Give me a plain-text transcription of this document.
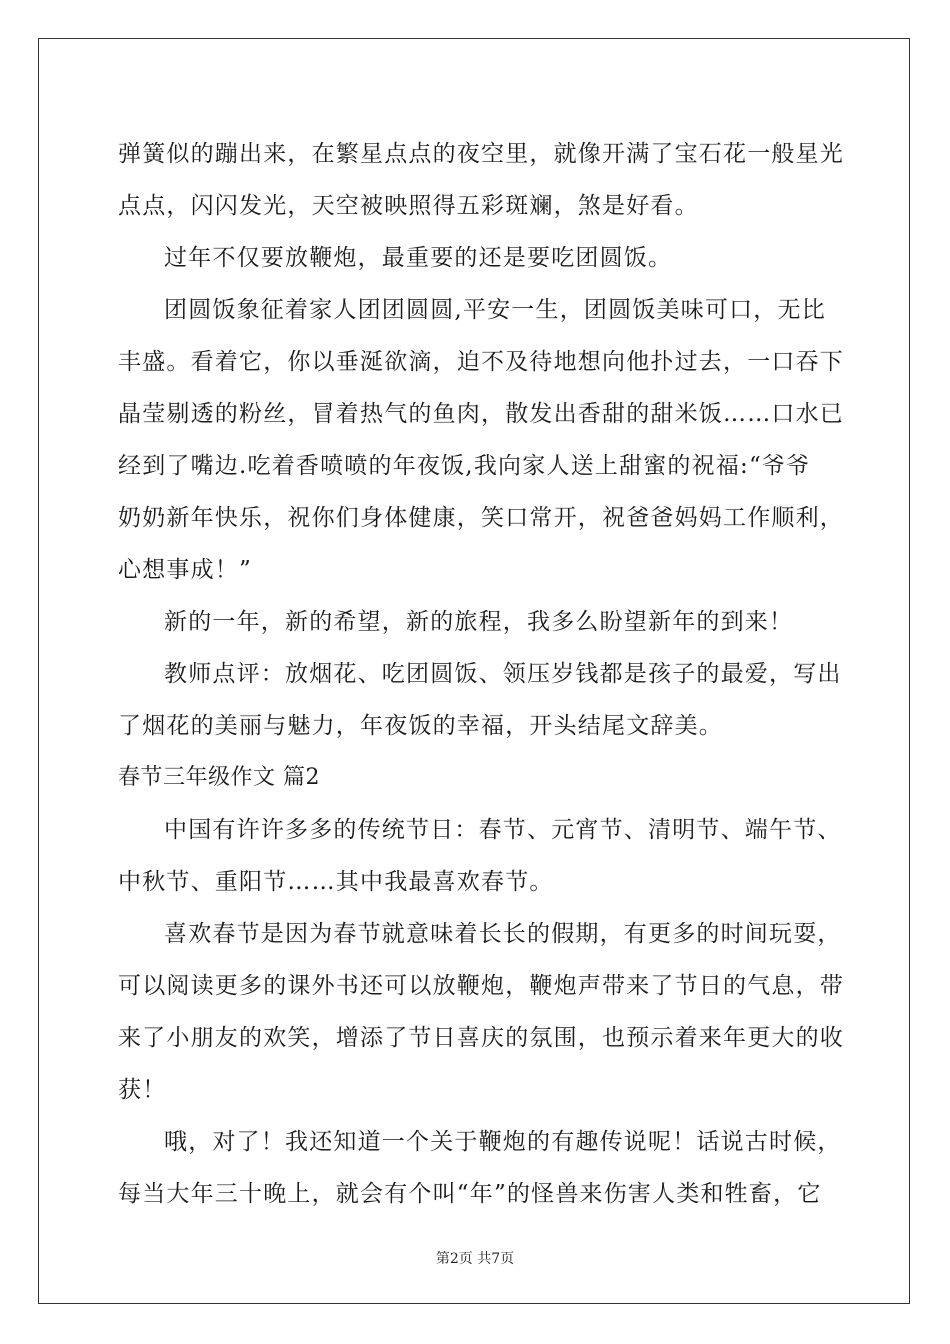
弹簧似的蹦出来，在繁星点点的夜空里，就像开满了宝石花一般星光
点点，闪闪发光，天空被映照得五彩斑斓，煞是好看。
过年不仅要放鞭炮，最重要的还是要吃团圆饭。
团圆饭象征着家人团团圆圆,平安一生，团圆饭美味可口，无比
丰盛。看着它，你以垂涎欲滴，迫不及待地想向他扑过去，一口吞下
晶莹剔透的粉丝，冒着热气的鱼肉，散发出香甜的甜米饭……口水已
经到了嘴边.吃着香喷喷的年夜饭,我向家人送上甜蜜的祝福:“爷爷
奶奶新年快乐，祝你们身体健康，笑口常开，祝爸爸妈妈工作顺利，
心想事成！”
新的一年，新的希望，新的旅程，我多么盼望新年的到来！
教师点评：放烟花、吃团圆饭、领压岁钱都是孩子的最爱，写出
了烟花的美丽与魅力，年夜饭的幸福，开头结尾文辞美。
春节三年级作文 篇2
中国有许许多多的传统节日：春节、元宵节、清明节、端午节、
中秋节、重阳节……其中我最喜欢春节。
喜欢春节是因为春节就意味着长长的假期，有更多的时间玩耍，
可以阅读更多的课外书还可以放鞭炮，鞭炮声带来了节日的气息，带
来了小朋友的欢笑，增添了节日喜庆的氛围，也预示着来年更大的收
获！
哦，对了！我还知道一个关于鞭炮的有趣传说呢！话说古时候，
每当大年三十晚上，就会有个叫“年”的怪兽来伤害人类和牲畜，它
第2页 共7页
